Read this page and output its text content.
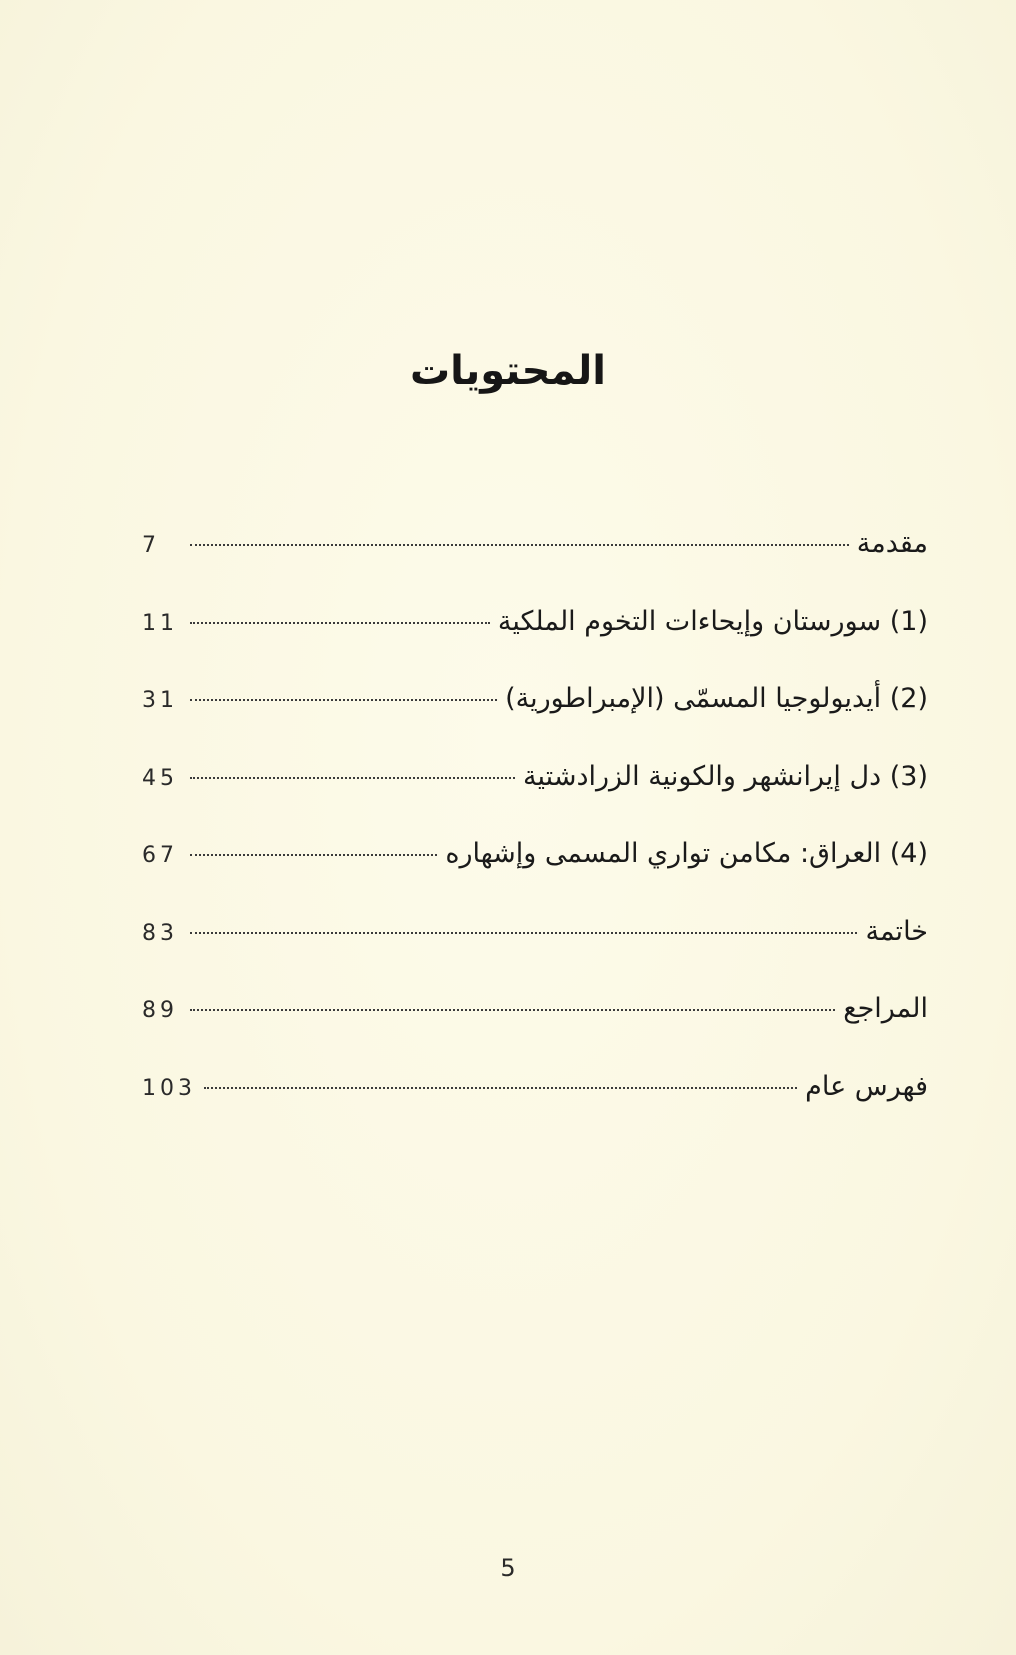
المحتويات
مقدمة
7
(1) سورستان وإيحاءات التخوم الملكية
11
(2) أيديولوجيا المسمّى (الإمبراطورية)
31
(3) دل إيرانشهر والكونية الزرادشتية
45
(4) العراق: مكامن تواري المسمى وإشهاره
67
خاتمة
83
المراجع
89
فهرس عام
103
5
